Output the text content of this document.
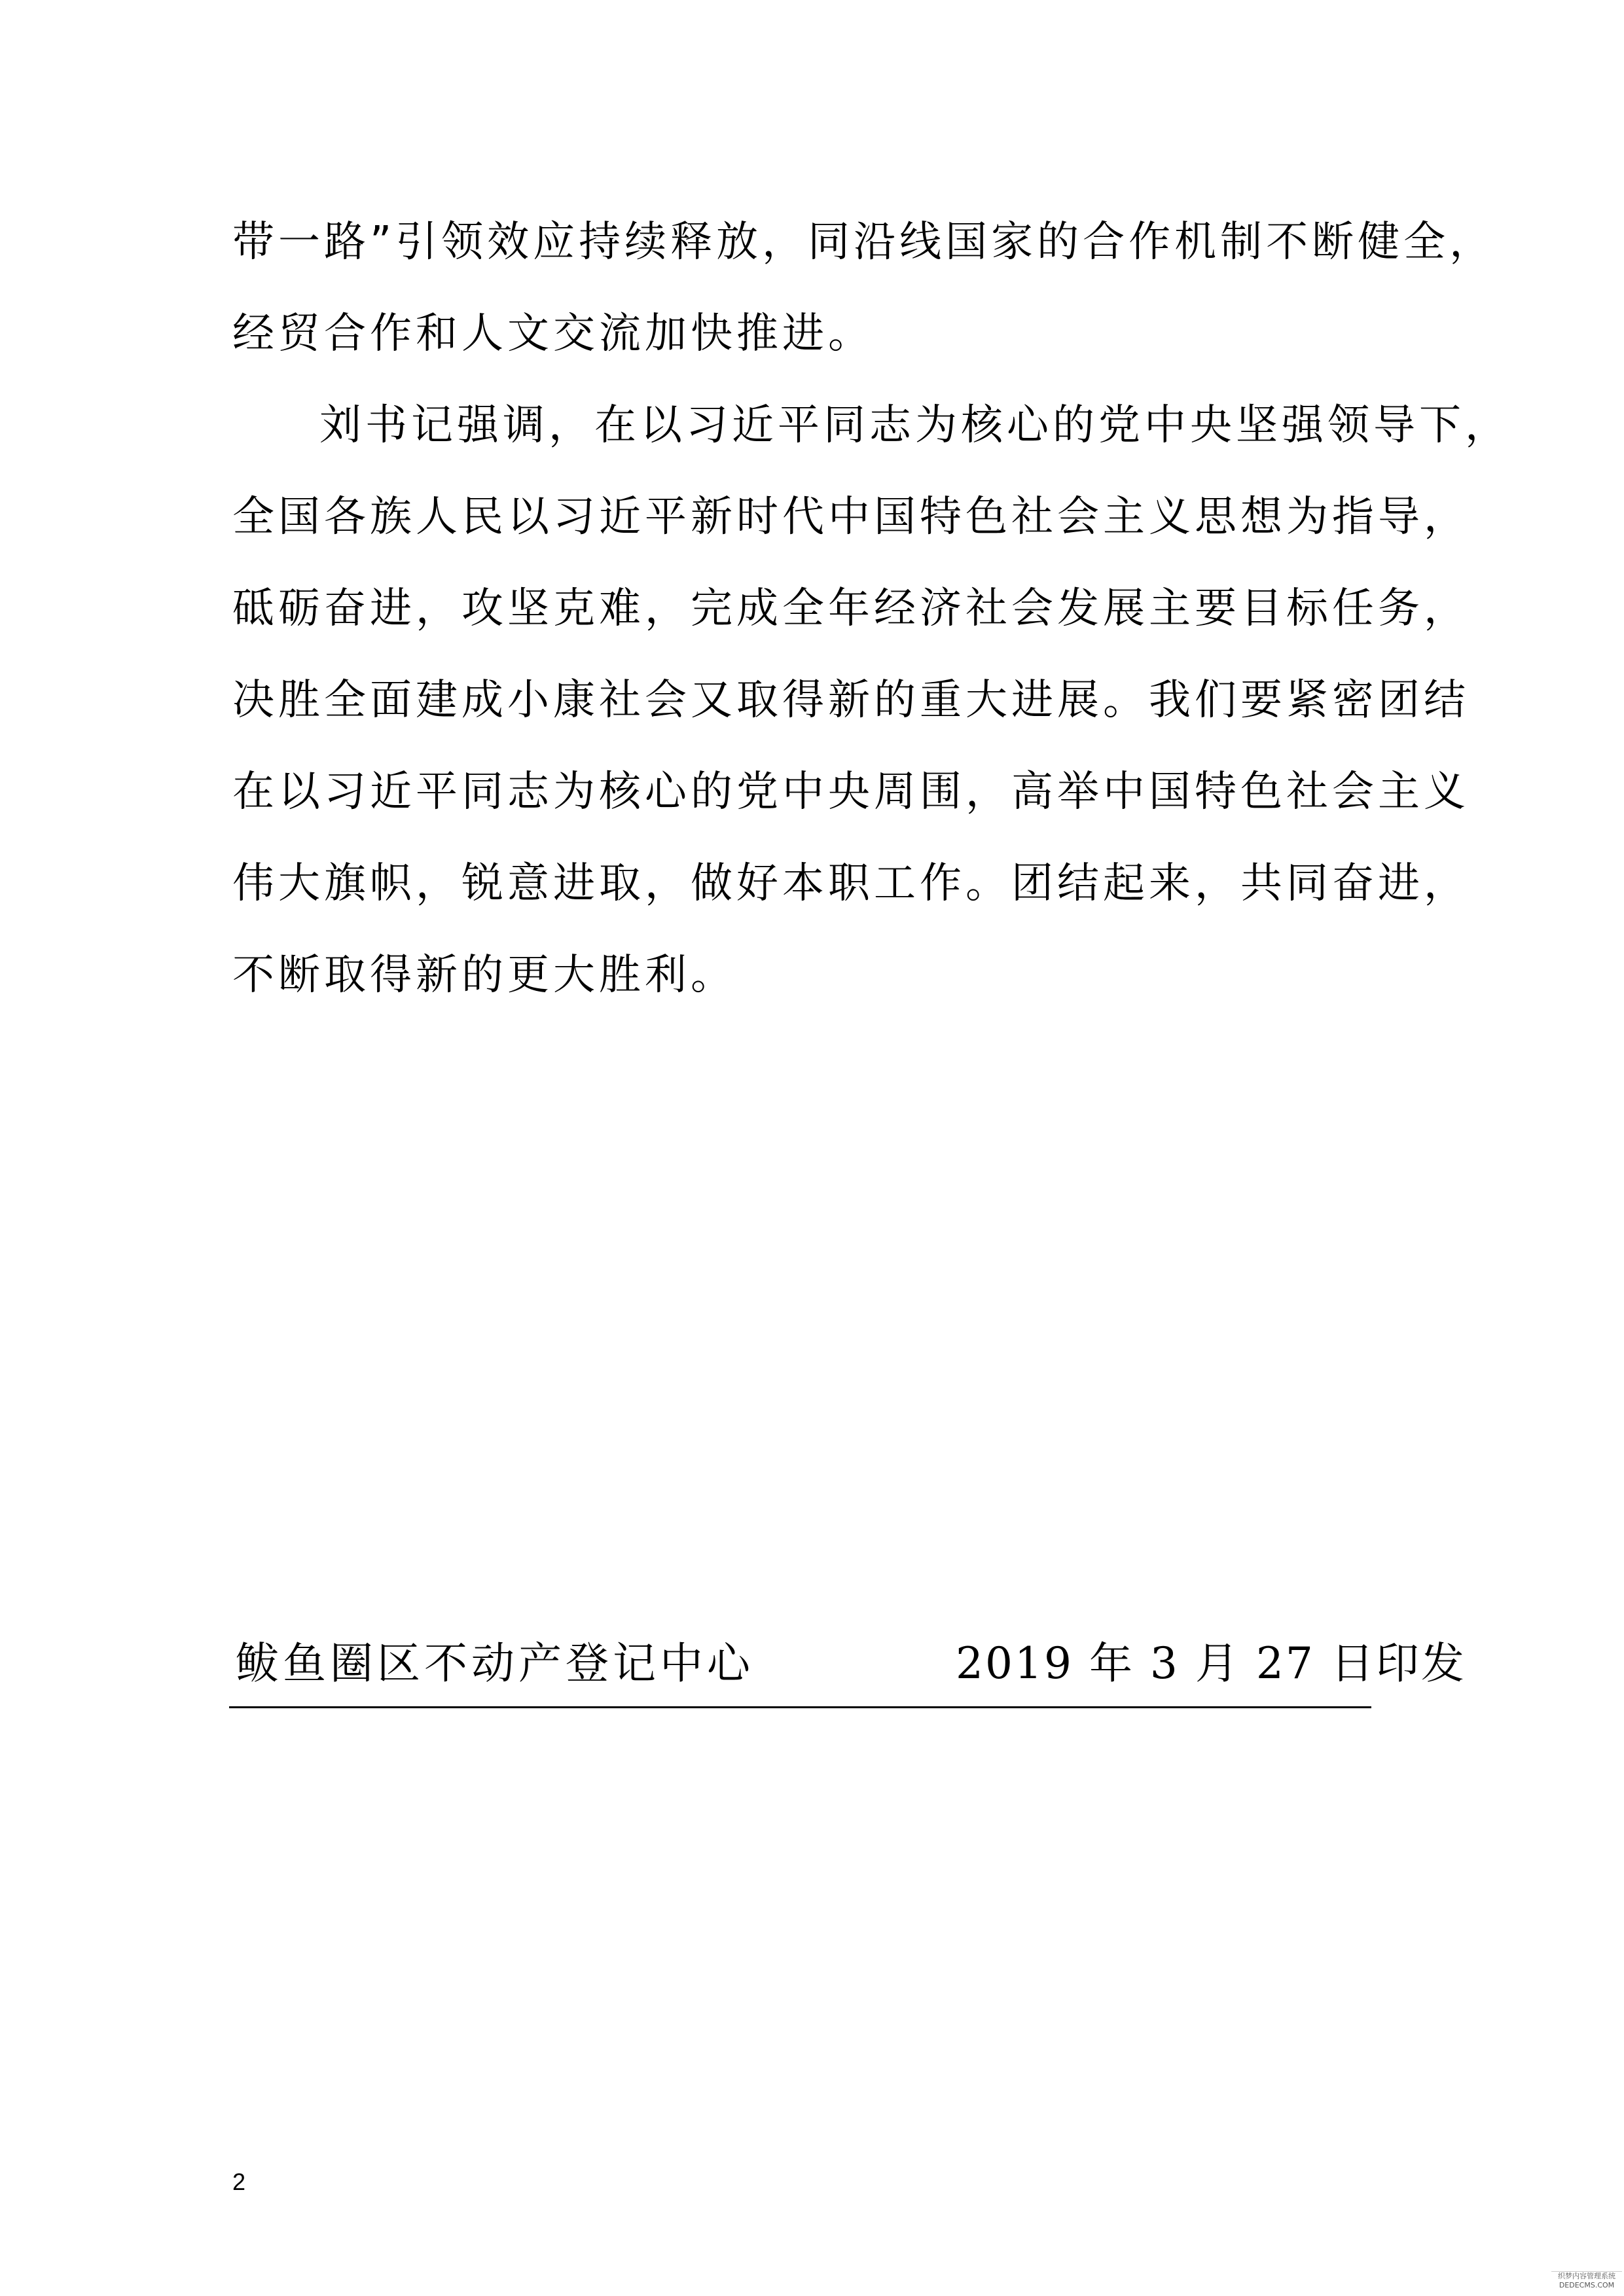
带一路”引领效应持续释放，同沿线国家的合作机制不断健全，
经贸合作和人文交流加快推进。
刘书记强调，在以习近平同志为核心的党中央坚强领导下，
全国各族人民以习近平新时代中国特色社会主义思想为指导，
砥砺奋进，攻坚克难，完成全年经济社会发展主要目标任务，
决胜全面建成小康社会又取得新的重大进展。我们要紧密团结
在以习近平同志为核心的党中央周围，高举中国特色社会主义
伟大旗帜，锐意进取，做好本职工作。团结起来，共同奋进，
不断取得新的更大胜利。
鲅鱼圈区不动产登记中心	2019 年 3 月 27 日印发
2
织梦内容管理系统
DEDECMS.COM
